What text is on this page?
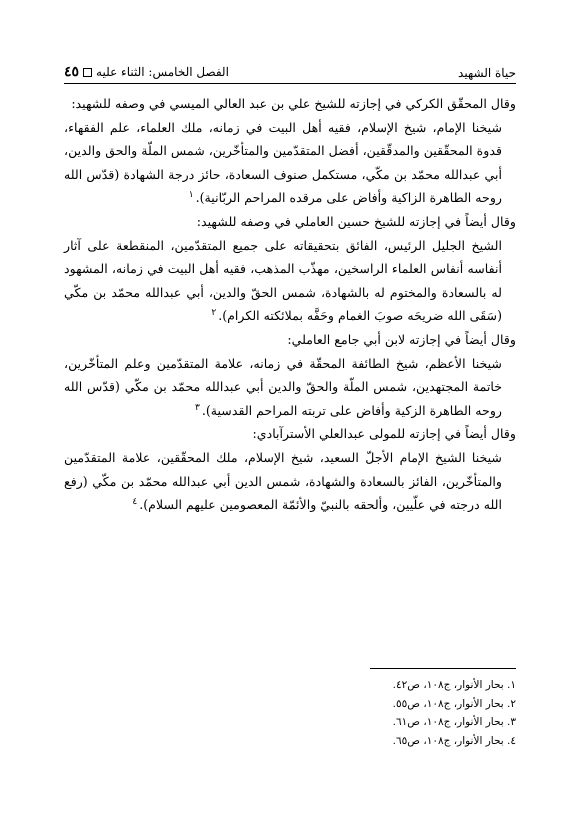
حياة الشهيد
الفصل الخامس: الثناء عليه٤٥

وقال المحقّق الكركي في إجازته للشيخ علي بن عبد العالي الميسي في وصفه للشهيد:

شيخنا الإمام، شيخ الإسلام، فقيه أهل البيت في زمانه، ملك العلماء، علم الفقهاء، قدوة المحقّقين والمدقّقين، أفضل المتقدّمين والمتأخّرين، شمس الملّة والحق والدين، أبي عبدالله محمّد بن مكّي، مستكمل صنوف السعادة، حائز درجة الشهادة (قدّس الله روحه الطاهرة الزاكية وأفاض على مرقده المراحم الربّانية).$^١$

وقال أيضاً في إجازته للشيخ حسين العاملي في وصفه للشهيد:

الشيخ الجليل الرئيس، الفائق بتحقيقاته على جميع المتقدّمين، المنقطعة على آثار أنفاسه أنفاس العلماء الراسخين، مهذّب المذهب، فقيه أهل البيت في زمانه، المشهود له بالسعادة والمختوم له بالشهادة، شمس الحقّ والدين، أبي عبدالله محمّد بن مكّي (سَقَى الله ضريحَه صوبَ الغمام وحَفَّه بملائكته الكرام).$^٢$

وقال أيضاً في إجازته لابن أبي جامع العاملي:

شيخنا الأعظم، شيخ الطائفة المحقّة في زمانه، علامة المتقدّمين وعلم المتأخّرين، خاتمة المجتهدين، شمس الملّة والحقّ والدين أبي عبدالله محمّد بن مكّي (قدّس الله روحه الطاهرة الزكية وأفاض على تربته المراحم القدسية).$^٣$

وقال أيضاً في إجازته للمولى عبدالعلي الأسترآبادي:

شيخنا الشيخ الإمام الأجلّ السعيد، شيخ الإسلام، ملك المحقّقين، علامة المتقدّمين والمتأخّرين، الفائز بالسعادة والشهادة، شمس الدين أبي عبدالله محمّد بن مكّي (رفع الله درجته في علّيين، وألحقه بالنبيّ والأئمّة المعصومين عليهم السلام).$^٤$

١. بحار الأنوار، ج١٠٨، ص٤٢.
٢. بحار الأنوار، ج١٠٨، ص٥٥.
٣. بحار الأنوار، ج١٠٨، ص٦١.
٤. بحار الأنوار، ج١٠٨، ص٦٥.
